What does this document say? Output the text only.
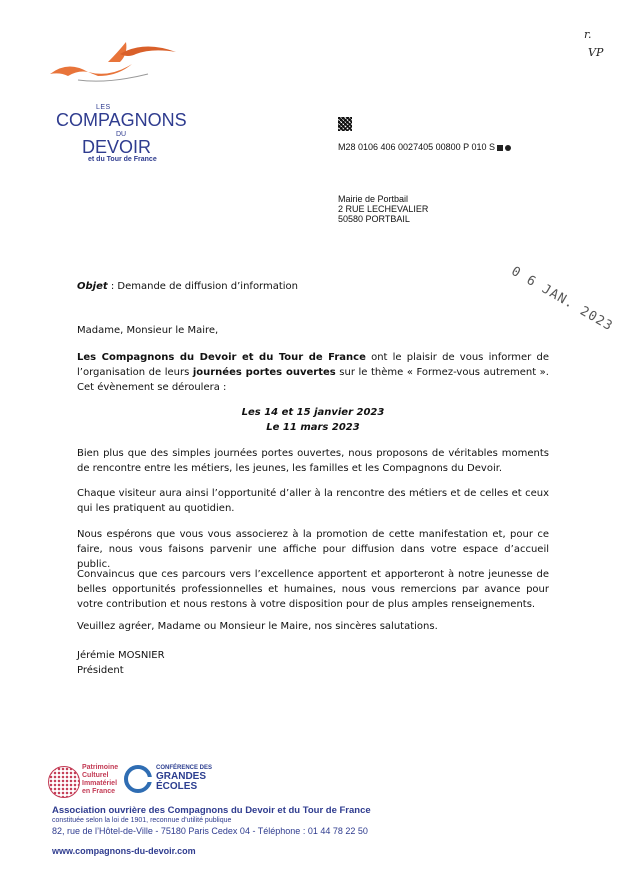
LES
COMPAGNONS
DU
DEVOIR
et du Tour de France
r.
VP
M28 0106 406 0027405 00800 P 010 S
Mairie de Portbail
2 RUE LECHEVALIER
50580 PORTBAIL
0 6 JAN. 2023
Objet : Demande de diffusion d’information
Madame, Monsieur le Maire,

Les Compagnons du Devoir et du Tour de France ont le plaisir de vous informer de l’organisation de leurs journées portes ouvertes sur le thème « Formez-vous autrement ». Cet évènement se déroulera :

Les 14 et 15 janvier 2023
Le 11 mars 2023

Bien plus que des simples journées portes ouvertes, nous proposons de véritables moments de rencontre entre les métiers, les jeunes, les familles et les Compagnons du Devoir.

Chaque visiteur aura ainsi l’opportunité d’aller à la rencontre des métiers et de celles et ceux qui les pratiquent au quotidien.

Nous espérons que vous vous associerez à la promotion de cette manifestation et, pour ce faire, nous vous faisons parvenir une affiche pour diffusion dans votre espace d’accueil public.

Convaincus que ces parcours vers l’excellence apportent et apporteront à notre jeunesse de belles opportunités professionnelles et humaines, nous vous remercions par avance pour votre contribution et nous restons à votre disposition pour de plus amples renseignements.

Veuillez agréer, Madame ou Monsieur le Maire, nos sincères salutations.

Jérémie MOSNIER
Président
Patrimoine
Culturel
Immatériel
en France
CONFÉRENCE DES
GRANDES
ÉCOLES
Association ouvrière des Compagnons du Devoir et du Tour de France
constituée selon la loi de 1901, reconnue d’utilité publique
82, rue de l’Hôtel-de-Ville - 75180 Paris Cedex 04 - Téléphone : 01 44 78 22 50
www.compagnons-du-devoir.com
